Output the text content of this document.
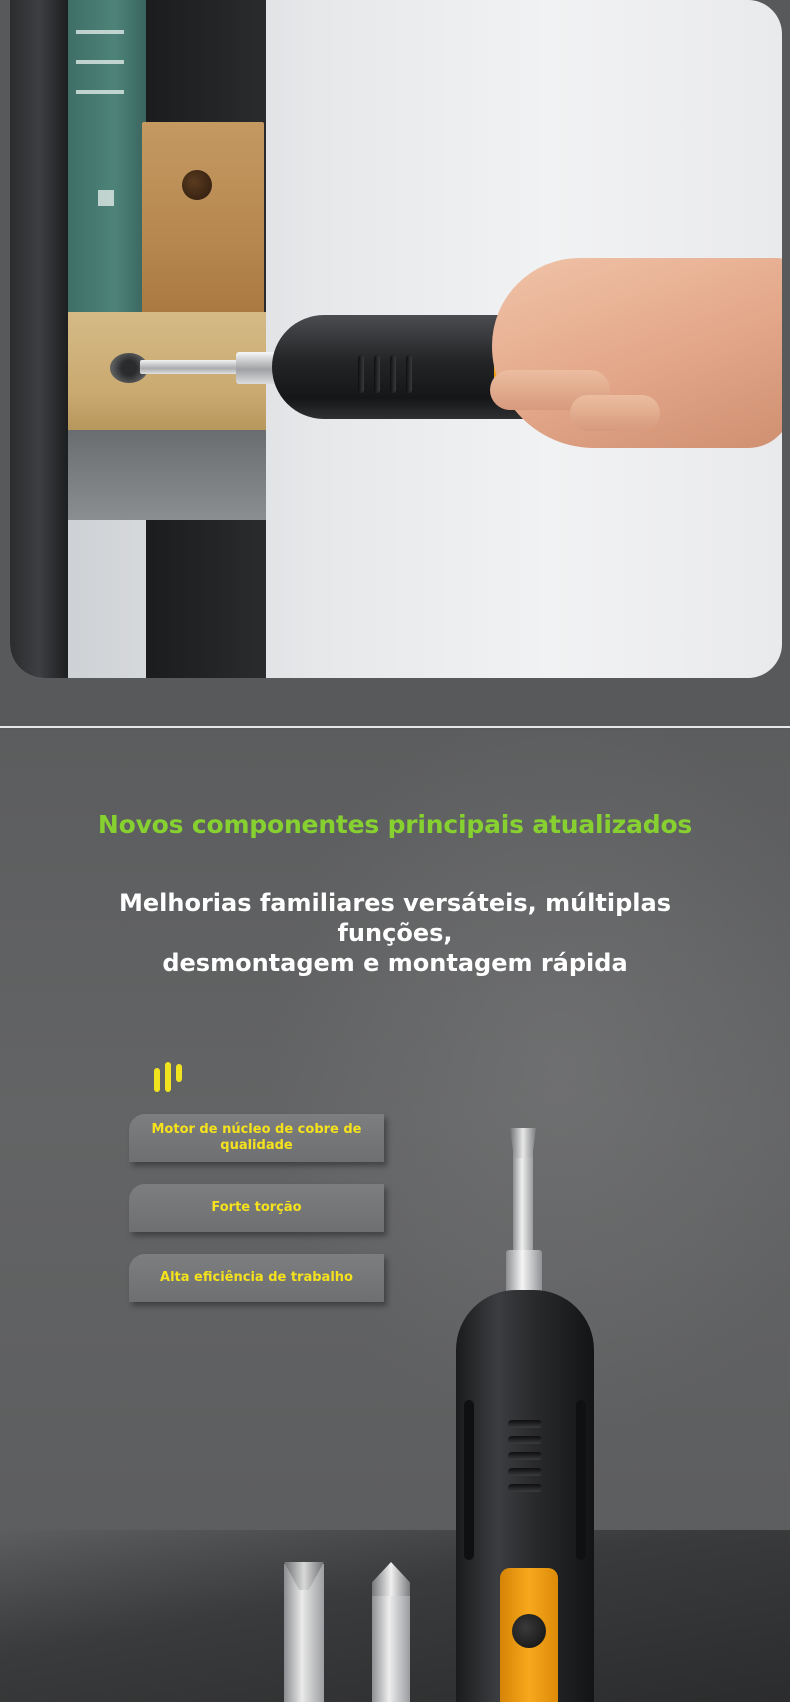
Novos componentes principais atualizados
Melhorias familiares versáteis, múltiplas funções,
desmontagem e montagem rápida
Motor de núcleo de cobre de qualidade
Forte torção
Alta eficiência de trabalho
